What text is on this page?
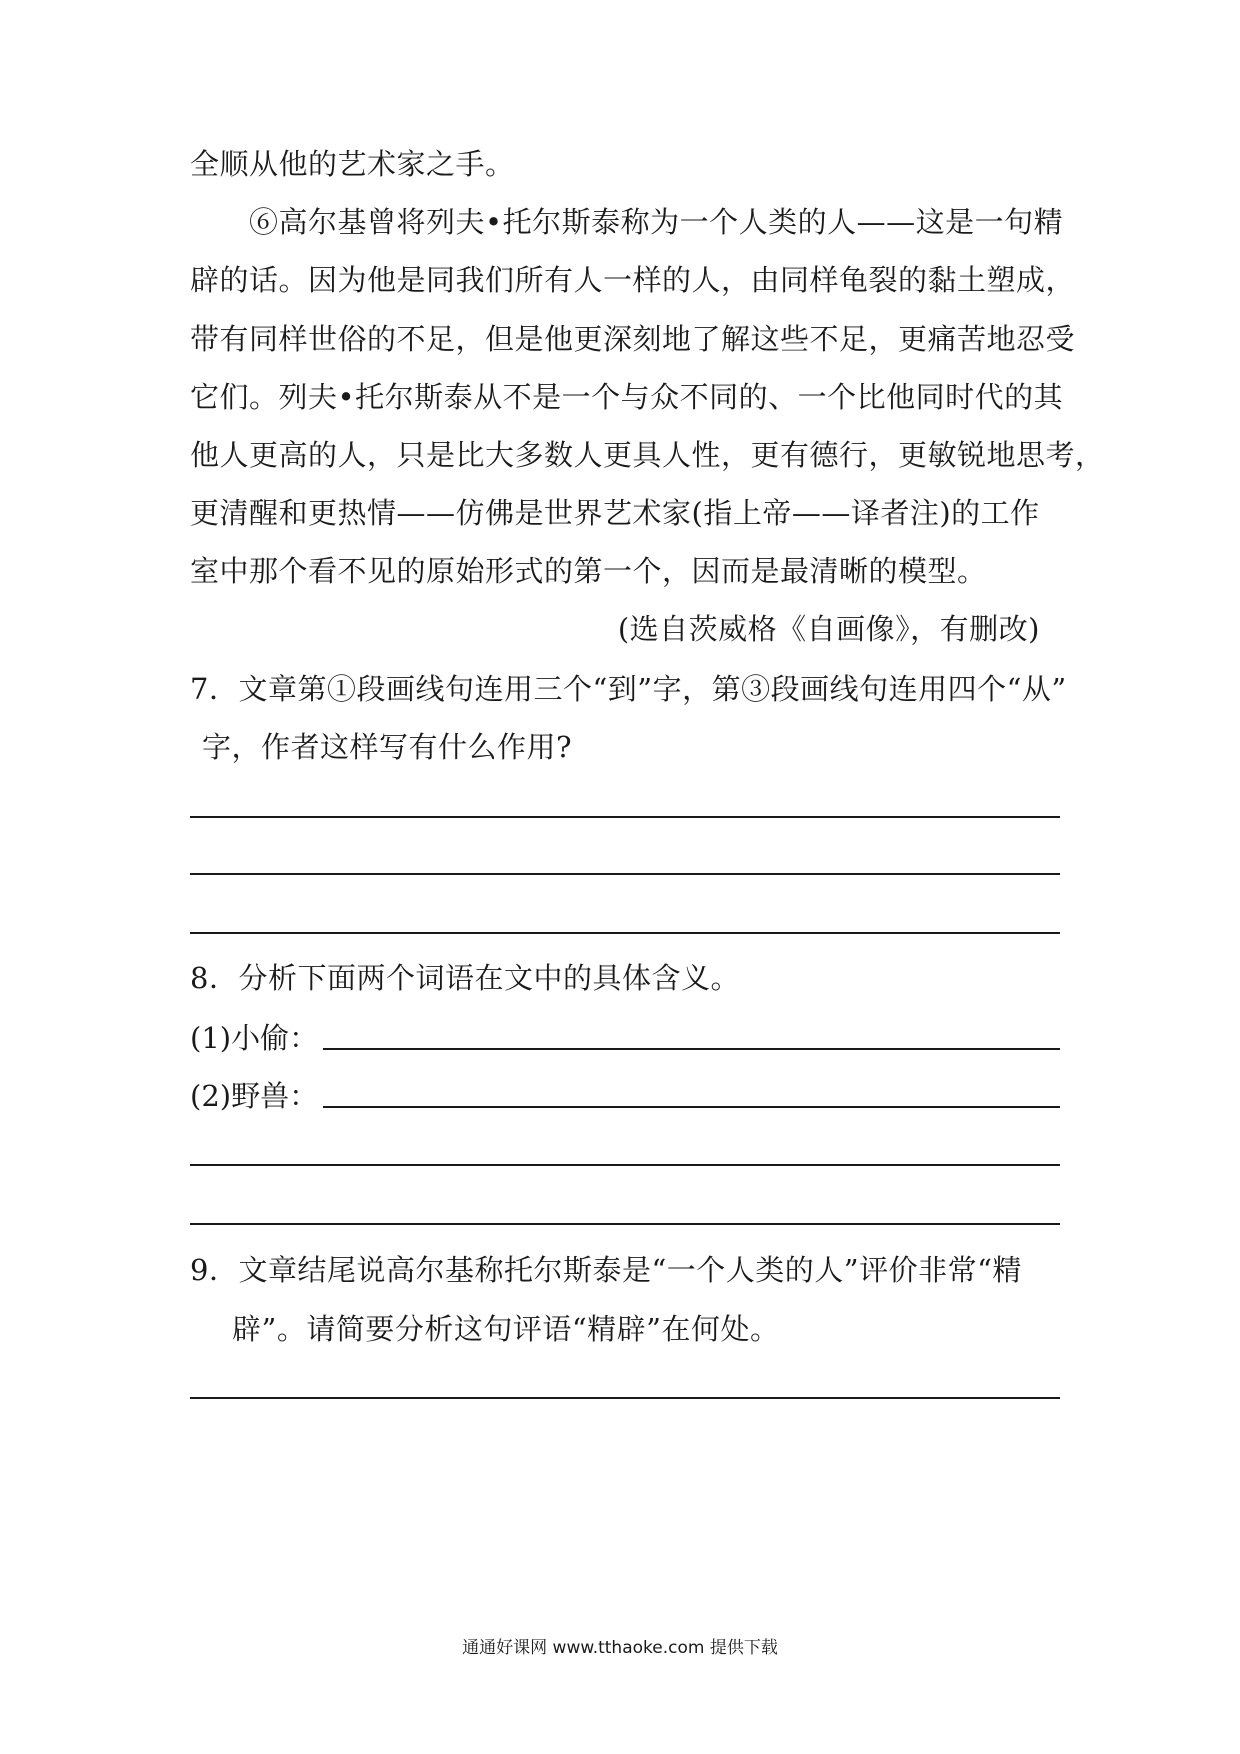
全顺从他的艺术家之手。

　　⑥高尔基曾将列夫•托尔斯泰称为一个人类的人——这是一句精

辟的话。因为他是同我们所有人一样的人，由同样龟裂的黏土塑成，

带有同样世俗的不足，但是他更深刻地了解这些不足，更痛苦地忍受

它们。列夫•托尔斯泰从不是一个与众不同的、一个比他同时代的其

他人更高的人，只是比大多数人更具人性，更有德行，更敏锐地思考，

更清醒和更热情——仿佛是世界艺术家(指上帝——译者注)的工作

室中那个看不见的原始形式的第一个，因而是最清晰的模型。

(选自茨威格《自画像》，有删改)

7．文章第①段画线句连用三个“到”字，第③段画线句连用四个“从”

字，作者这样写有什么作用?

8．分析下面两个词语在文中的具体含义。

(1)小偷：
(2)野兽：

9．文章结尾说高尔基称托尔斯泰是“一个人类的人”评价非常“精

辟”。请简要分析这句评语“精辟”在何处。

通通好课网 www.tthaoke.com 提供下载
